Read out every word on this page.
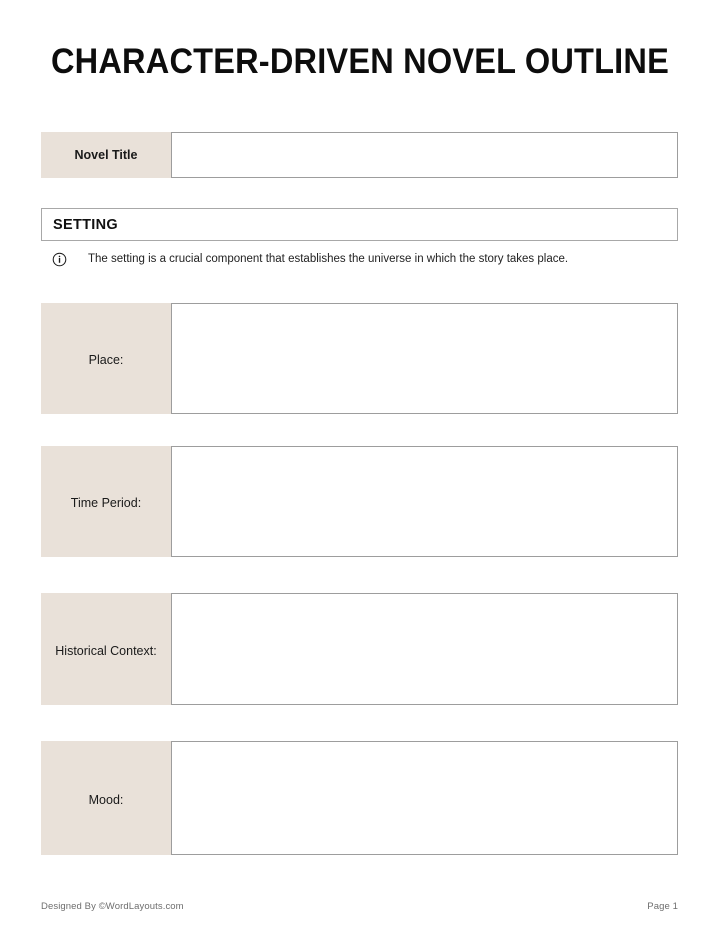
CHARACTER-DRIVEN NOVEL OUTLINE
Novel Title
SETTING
The setting is a crucial component that establishes the universe in which the story takes place.
Place:
Time Period:
Historical Context:
Mood:
Designed By ©WordLayouts.com	Page 1
